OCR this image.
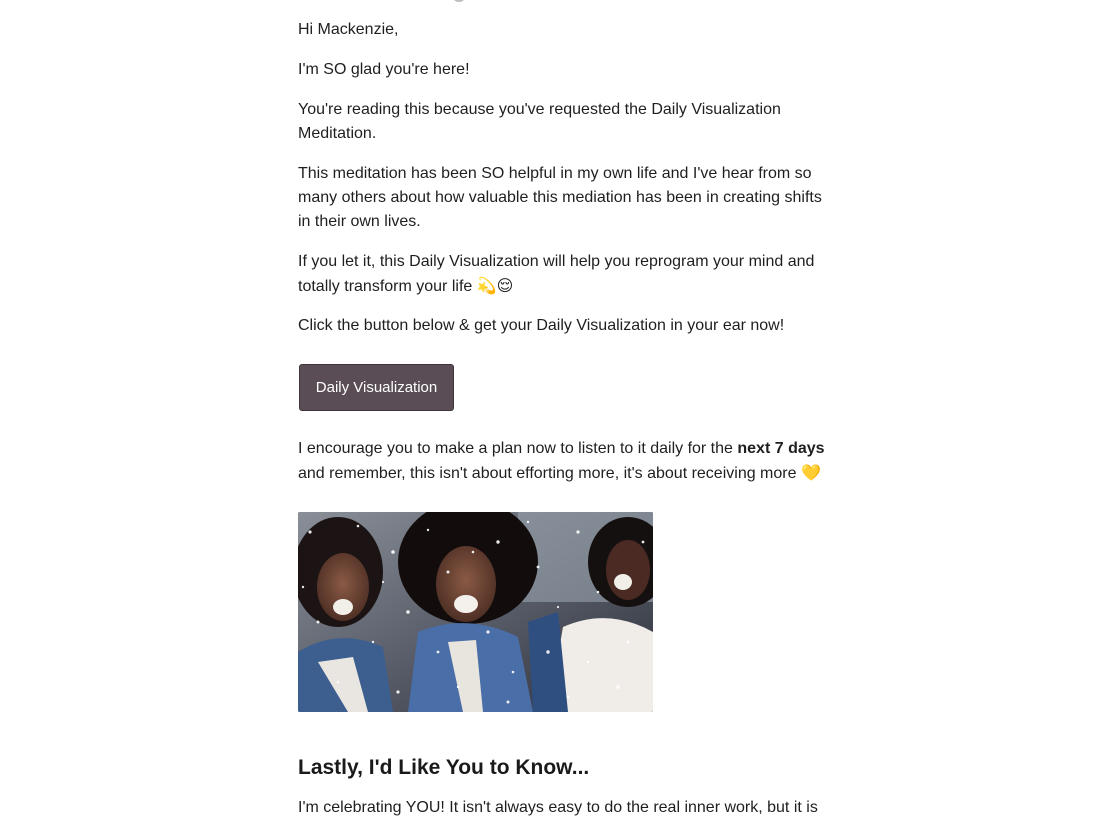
Hi Mackenzie,

I'm SO glad you're here!

You're reading this because you've requested the Daily Visualization Meditation.

This meditation has been SO helpful in my own life and I've hear from so many others about how valuable this mediation has been in creating shifts in their own lives.

If you let it, this Daily Visualization will help you reprogram your mind and totally transform your life 💫😌

Click the button below & get your Daily Visualization in your ear now!

Daily Visualization

I encourage you to make a plan now to listen to it daily for the next 7 days and remember, this isn't about efforting more, it's about receiving more 💛

Lastly, I'd Like You to Know...

I'm celebrating YOU! It isn't always easy to do the real inner work, but it is
